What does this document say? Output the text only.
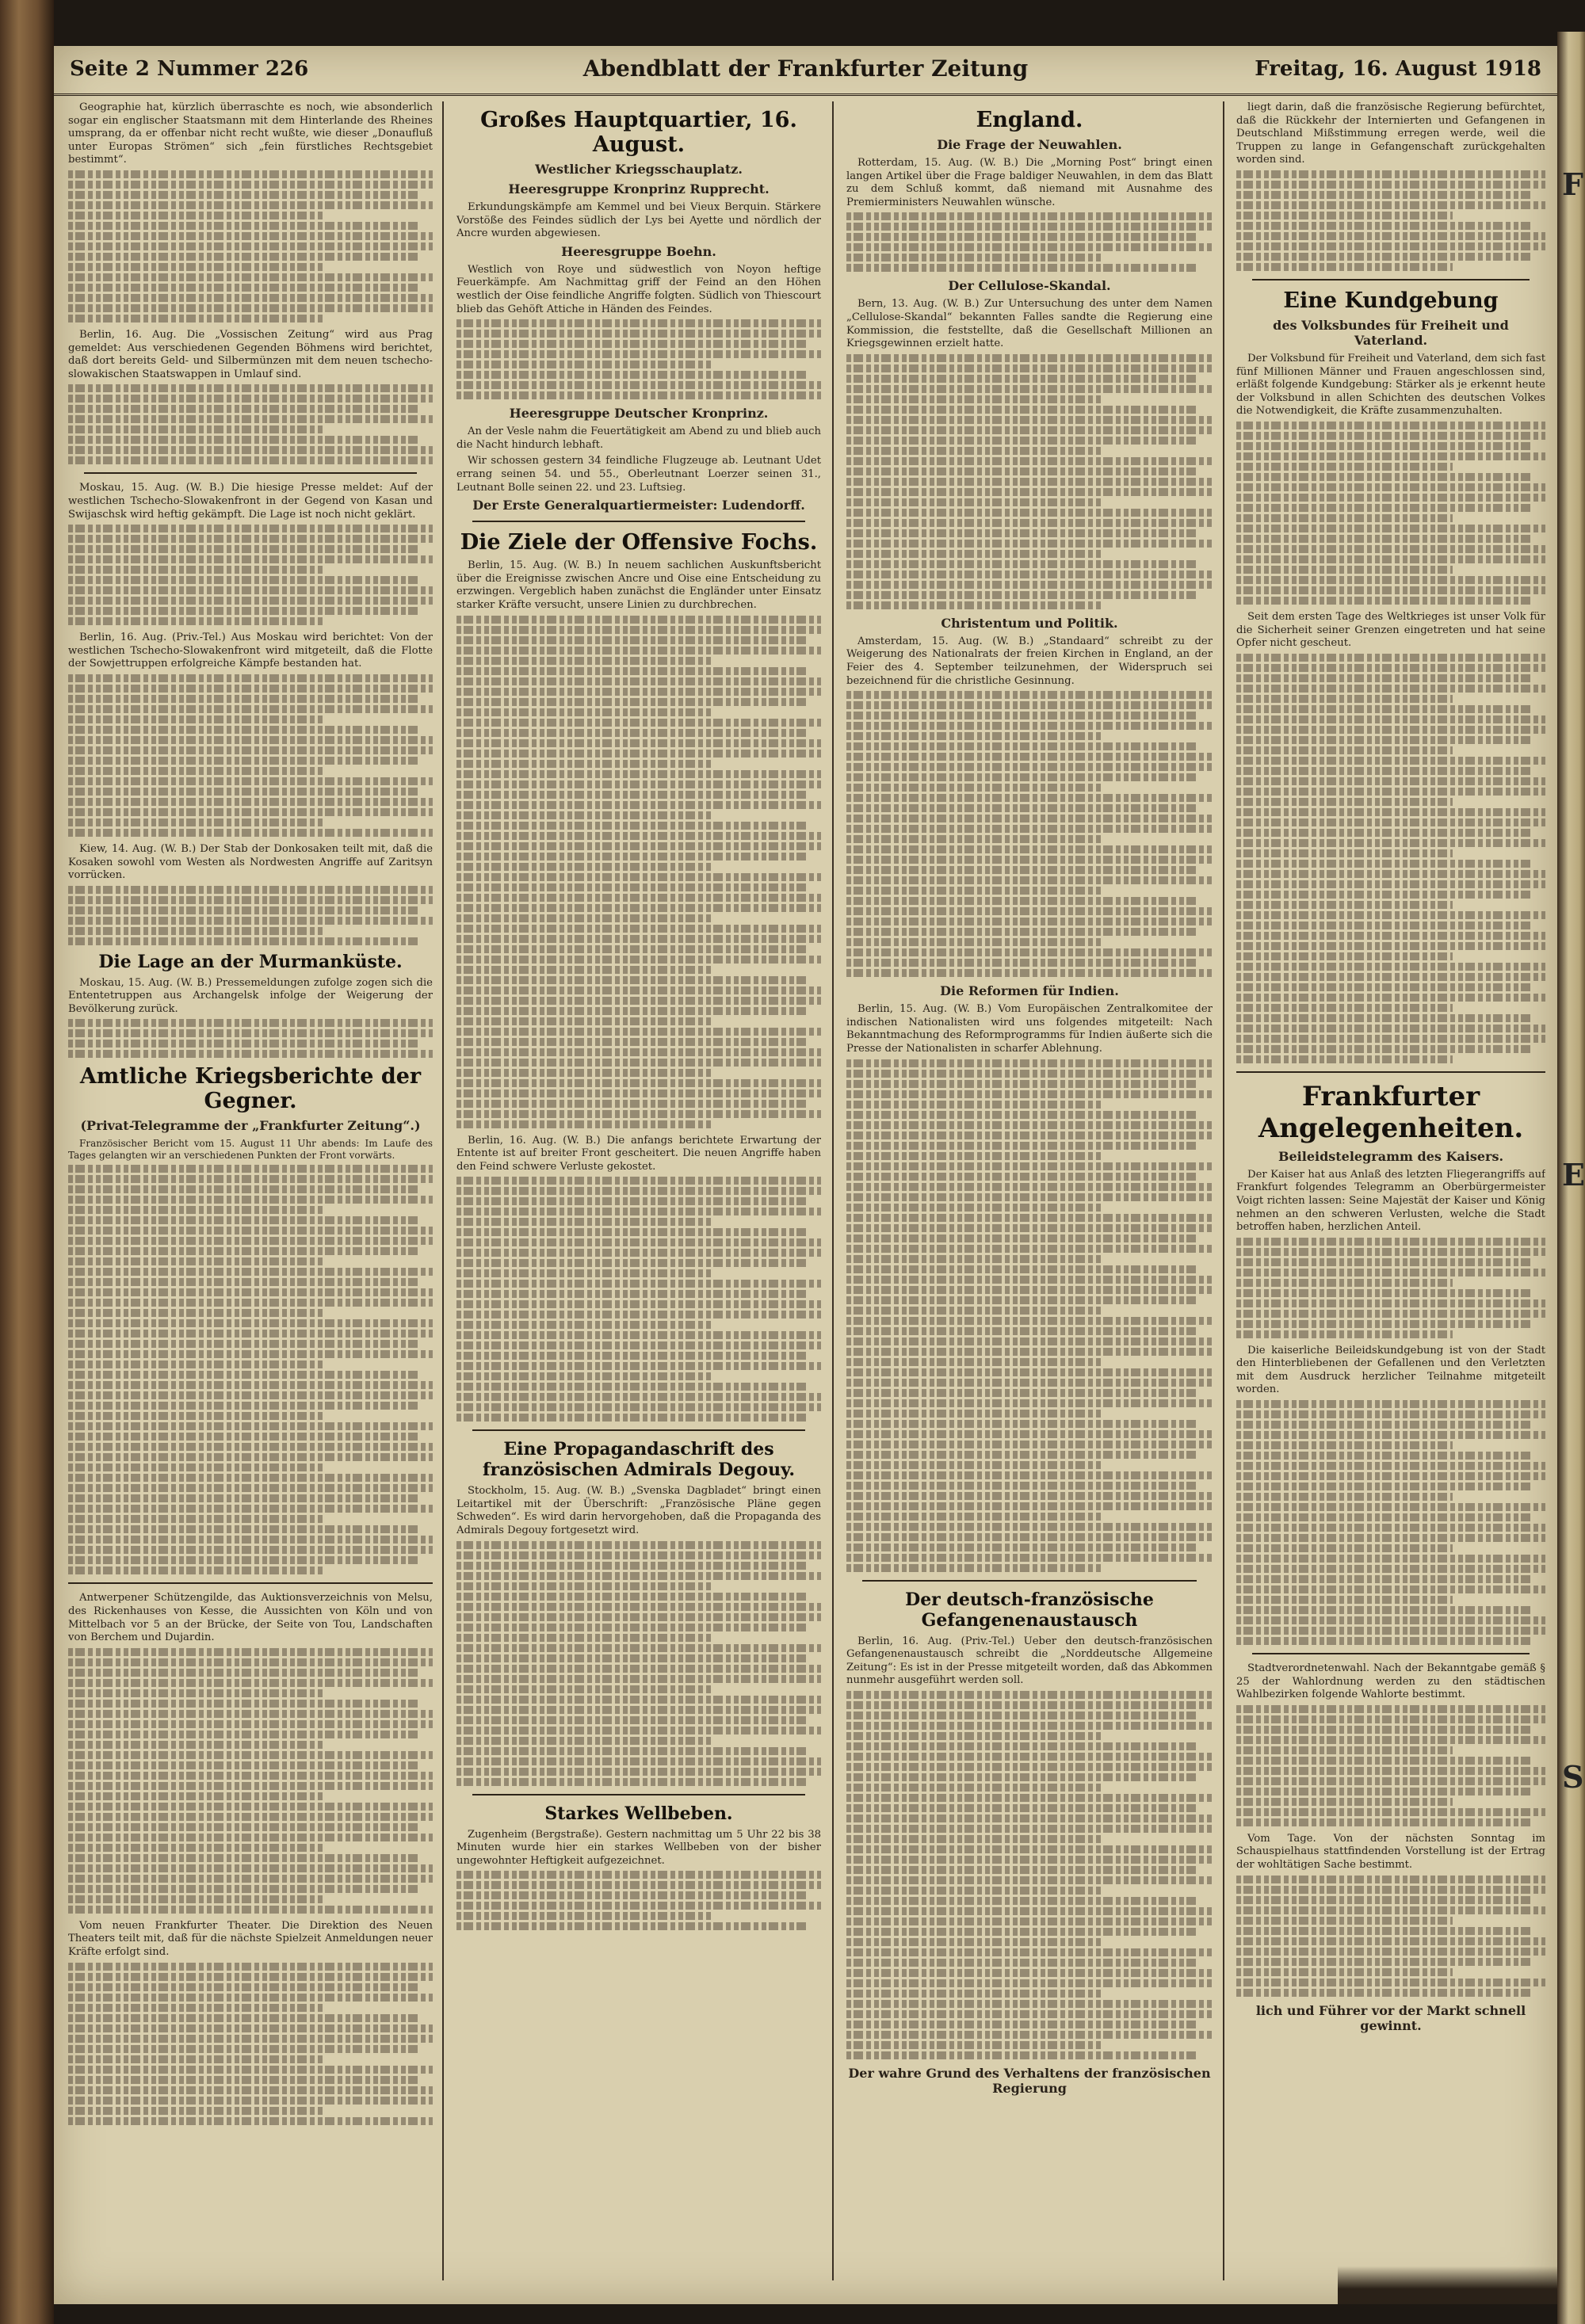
F
E
S
Seite 2 Nummer 226	Abendblatt der Frankfurter Zeitung	Freitag, 16. August 1918

Geographie hat, kürzlich überraschte es noch, wie absonderlich sogar ein englischer Staatsmann mit dem Hinterlande des Rheines umsprang, da er offenbar nicht recht wußte, wie dieser „Donaufluß unter Europas Strömen“ sich „fein fürstliches Rechtsgebiet bestimmt“.

Berlin, 16. Aug. Die „Vossischen Zeitung“ wird aus Prag gemeldet: Aus verschiedenen Gegenden Böhmens wird berichtet, daß dort bereits Geld- und Silbermünzen mit dem neuen tschecho-slowakischen Staatswappen in Umlauf sind.

Moskau, 15. Aug. (W. B.) Die hiesige Presse meldet: Auf der westlichen Tschecho-Slowakenfront in der Gegend von Kasan und Swijaschsk wird heftig gekämpft. Die Lage ist noch nicht geklärt.

Berlin, 16. Aug. (Priv.-Tel.) Aus Moskau wird berichtet: Von der westlichen Tschecho-Slowakenfront wird mitgeteilt, daß die Flotte der Sowjettruppen erfolgreiche Kämpfe bestanden hat.

Kiew, 14. Aug. (W. B.) Der Stab der Donkosaken teilt mit, daß die Kosaken sowohl vom Westen als Nordwesten Angriffe auf Zaritsyn vorrücken.

Die Lage an der Murmanküste.

Moskau, 15. Aug. (W. B.) Pressemeldungen zufolge zogen sich die Ententetruppen aus Archangelsk infolge der Weigerung der Bevölkerung zurück.

Amtliche Kriegsberichte der Gegner.
(Privat-Telegramme der „Frankfurter Zeitung“.)

Französischer Bericht vom 15. August 11 Uhr abends: Im Laufe des Tages gelangten wir an verschiedenen Punkten der Front vorwärts.

Antwerpener Schützengilde, das Auktionsverzeichnis von Melsu, des Rickenhauses von Kesse, die Aussichten von Köln und von Mittelbach vor 5 an der Brücke, der Seite von Tou, Landschaften von Berchem und Dujardin.

Vom neuen Frankfurter Theater. Die Direktion des Neuen Theaters teilt mit, daß für die nächste Spielzeit Anmeldungen neuer Kräfte erfolgt sind.

Großes Hauptquartier, 16. August.
Westlicher Kriegsschauplatz.
Heeresgruppe Kronprinz Rupprecht.

Erkundungskämpfe am Kemmel und bei Vieux Berquin. Stärkere Vorstöße des Feindes südlich der Lys bei Ayette und nördlich der Ancre wurden abgewiesen.

Heeresgruppe Boehn.

Westlich von Roye und südwestlich von Noyon heftige Feuerkämpfe. Am Nachmittag griff der Feind an den Höhen westlich der Oise feindliche Angriffe folgten. Südlich von Thiescourt blieb das Gehöft Attiche in Händen des Feindes.

Heeresgruppe Deutscher Kronprinz.

An der Vesle nahm die Feuertätigkeit am Abend zu und blieb auch die Nacht hindurch lebhaft.

Wir schossen gestern 34 feindliche Flugzeuge ab. Leutnant Udet errang seinen 54. und 55., Oberleutnant Loerzer seinen 31., Leutnant Bolle seinen 22. und 23. Luftsieg.

Der Erste Generalquartiermeister: Ludendorff.
Die Ziele der Offensive Fochs.

Berlin, 15. Aug. (W. B.) In neuem sachlichen Auskunftsbericht über die Ereignisse zwischen Ancre und Oise eine Entscheidung zu erzwingen. Vergeblich haben zunächst die Engländer unter Einsatz starker Kräfte versucht, unsere Linien zu durchbrechen.

Berlin, 16. Aug. (W. B.) Die anfangs berichtete Erwartung der Entente ist auf breiter Front gescheitert. Die neuen Angriffe haben den Feind schwere Verluste gekostet.

Eine Propagandaschrift des französischen Admirals Degouy.

Stockholm, 15. Aug. (W. B.) „Svenska Dagbladet“ bringt einen Leitartikel mit der Überschrift: „Französische Pläne gegen Schweden“. Es wird darin hervorgehoben, daß die Propaganda des Admirals Degouy fortgesetzt wird.

Starkes Wellbeben.

Zugenheim (Bergstraße). Gestern nachmittag um 5 Uhr 22 bis 38 Minuten wurde hier ein starkes Wellbeben von der bisher ungewohnter Heftigkeit aufgezeichnet.

England.
Die Frage der Neuwahlen.

Rotterdam, 15. Aug. (W. B.) Die „Morning Post“ bringt einen langen Artikel über die Frage baldiger Neuwahlen, in dem das Blatt zu dem Schluß kommt, daß niemand mit Ausnahme des Premierministers Neuwahlen wünsche.

Der Cellulose-Skandal.

Bern, 13. Aug. (W. B.) Zur Untersuchung des unter dem Namen „Cellulose-Skandal“ bekannten Falles sandte die Regierung eine Kommission, die feststellte, daß die Gesellschaft Millionen an Kriegsgewinnen erzielt hatte.

Christentum und Politik.

Amsterdam, 15. Aug. (W. B.) „Standaard“ schreibt zu der Weigerung des Nationalrats der freien Kirchen in England, an der Feier des 4. September teilzunehmen, der Widerspruch sei bezeichnend für die christliche Gesinnung.

Die Reformen für Indien.

Berlin, 15. Aug. (W. B.) Vom Europäischen Zentralkomitee der indischen Nationalisten wird uns folgendes mitgeteilt: Nach Bekanntmachung des Reformprogramms für Indien äußerte sich die Presse der Nationalisten in scharfer Ablehnung.

Der deutsch-französische Gefangenenaustausch

Berlin, 16. Aug. (Priv.-Tel.) Ueber den deutsch-französischen Gefangenenaustausch schreibt die „Norddeutsche Allgemeine Zeitung“: Es ist in der Presse mitgeteilt worden, daß das Abkommen nunmehr ausgeführt werden soll.

Der wahre Grund des Verhaltens der französischen Regierung

liegt darin, daß die französische Regierung befürchtet, daß die Rückkehr der Internierten und Gefangenen in Deutschland Mißstimmung erregen werde, weil die Truppen zu lange in Gefangenschaft zurückgehalten worden sind.

Eine Kundgebung
des Volksbundes für Freiheit und Vaterland.

Der Volksbund für Freiheit und Vaterland, dem sich fast fünf Millionen Männer und Frauen angeschlossen sind, erläßt folgende Kundgebung: Stärker als je erkennt heute der Volksbund in allen Schichten des deutschen Volkes die Notwendigkeit, die Kräfte zusammenzuhalten.

Seit dem ersten Tage des Weltkrieges ist unser Volk für die Sicherheit seiner Grenzen eingetreten und hat seine Opfer nicht gescheut.

Frankfurter Angelegenheiten.
Beileidstelegramm des Kaisers.

Der Kaiser hat aus Anlaß des letzten Fliegerangriffs auf Frankfurt folgendes Telegramm an Oberbürgermeister Voigt richten lassen: Seine Majestät der Kaiser und König nehmen an den schweren Verlusten, welche die Stadt betroffen haben, herzlichen Anteil.

Die kaiserliche Beileidskundgebung ist von der Stadt den Hinterbliebenen der Gefallenen und den Verletzten mit dem Ausdruck herzlicher Teilnahme mitgeteilt worden.

Stadtverordnetenwahl. Nach der Bekanntgabe gemäß § 25 der Wahlordnung werden zu den städtischen Wahlbezirken folgende Wahlorte bestimmt.

Vom Tage. Von der nächsten Sonntag im Schauspielhaus stattfindenden Vorstellung ist der Ertrag der wohltätigen Sache bestimmt.

lich und Führer vor der Markt schnell gewinnt.
